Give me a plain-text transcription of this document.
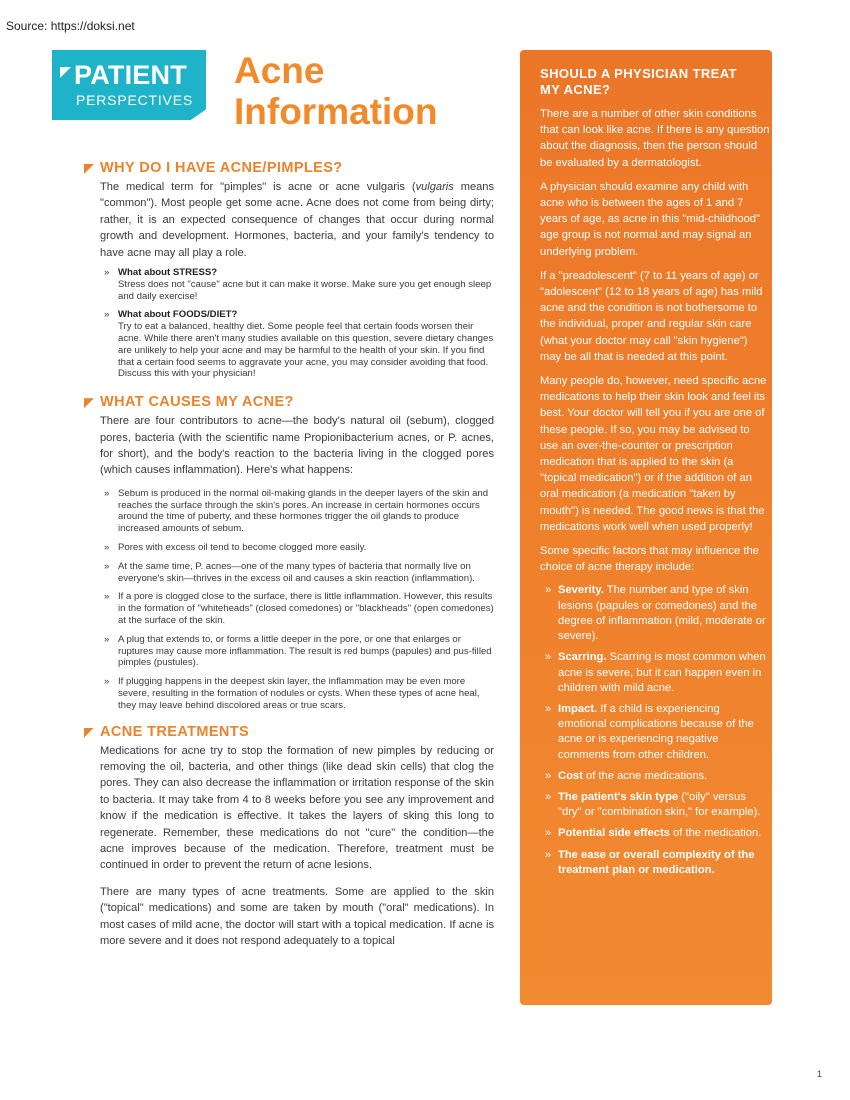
Source: https://doksi.net
PATIENT
PERSPECTIVES
Acne
Information
WHY DO I HAVE ACNE/PIMPLES?

The medical term for "pimples" is acne or acne vulgaris (vulgaris means "common"). Most people get some acne. Acne does not come from being dirty; rather, it is an expected consequence of changes that occur during normal growth and development. Hormones, bacteria, and your family's tendency to have acne may all play a role.

» What about STRESS?
Stress does not "cause" acne but it can make it worse. Make sure you get enough sleep and daily exercise!
» What about FOODS/DIET?
Try to eat a balanced, healthy diet. Some people feel that certain foods worsen their acne. While there aren't many studies available on this question, severe dietary changes are unlikely to help your acne and may be harmful to the health of your skin. If you find that a certain food seems to aggravate your acne, you may consider avoiding that food. Discuss this with your physician!
WHAT CAUSES MY ACNE?

There are four contributors to acne—the body's natural oil (sebum), clogged pores, bacteria (with the scientific name Propionibacterium acnes, or P. acnes, for short), and the body's reaction to the bacteria living in the clogged pores (which causes inflammation). Here's what happens:

» Sebum is produced in the normal oil-making glands in the deeper layers of the skin and reaches the surface through the skin's pores. An increase in certain hormones occurs around the time of puberty, and these hormones trigger the oil glands to produce increased amounts of sebum.
» Pores with excess oil tend to become clogged more easily.
» At the same time, P. acnes—one of the many types of bacteria that normally live on everyone's skin—thrives in the excess oil and causes a skin reaction (inflammation).
» If a pore is clogged close to the surface, there is little inflammation. However, this results in the formation of "whiteheads" (closed comedones) or "blackheads" (open comedones) at the surface of the skin.
» A plug that extends to, or forms a little deeper in the pore, or one that enlarges or ruptures may cause more inflammation. The result is red bumps (papules) and pus-filled pimples (pustules).
» If plugging happens in the deepest skin layer, the inflammation may be even more severe, resulting in the formation of nodules or cysts. When these types of acne heal, they may leave behind discolored areas or true scars.
ACNE TREATMENTS

Medications for acne try to stop the formation of new pimples by reducing or removing the oil, bacteria, and other things (like dead skin cells) that clog the pores. They can also decrease the inflammation or irritation response of the skin to bacteria. It may take from 4 to 8 weeks before you see any improvement and know if the medication is effective. It takes the layers of sking this long to regenerate. Remember, these medications do not "cure" the condition—the acne improves because of the medication. Therefore, treatment must be continued in order to prevent the return of acne lesions.

There are many types of acne treatments. Some are applied to the skin ("topical" medications) and some are taken by mouth ("oral" medications). In most cases of mild acne, the doctor will start with a topical medication. If acne is more severe and it does not respond adequately to a topical

SHOULD A PHYSICIAN TREAT MY ACNE?

There are a number of other skin conditions that can look like acne. If there is any question about the diagnosis, then the person should be evaluated by a dermatologist.

A physician should examine any child with acne who is between the ages of 1 and 7 years of age, as acne in this "mid-childhood" age group is not normal and may signal an underlying problem.

If a "preadolescent" (7 to 11 years of age) or "adolescent" (12 to 18 years of age) has mild acne and the condition is not bothersome to the individual, proper and regular skin care (what your doctor may call "skin hygiene") may be all that is needed at this point.

Many people do, however, need specific acne medications to help their skin look and feel its best. Your doctor will tell you if you are one of these people. If so, you may be advised to use an over-the-counter or prescription medication that is applied to the skin (a "topical medication") or if the addition of an oral medication (a medication "taken by mouth") is needed. The good news is that the medications work well when used properly!

Some specific factors that may influence the choice of acne therapy include:

» Severity. The number and type of skin lesions (papules or comedones) and the degree of inflammation (mild, moderate or severe).
» Scarring. Scarring is most common when acne is severe, but it can happen even in children with mild acne.
» Impact. If a child is experiencing emotional complications because of the acne or is experiencing negative comments from other children.
» Cost of the acne medications.
» The patient's skin type ("oily" versus "dry" or "combination skin," for example).
» Potential side effects of the medication.
» The ease or overall complexity of the treatment plan or medication.
1
